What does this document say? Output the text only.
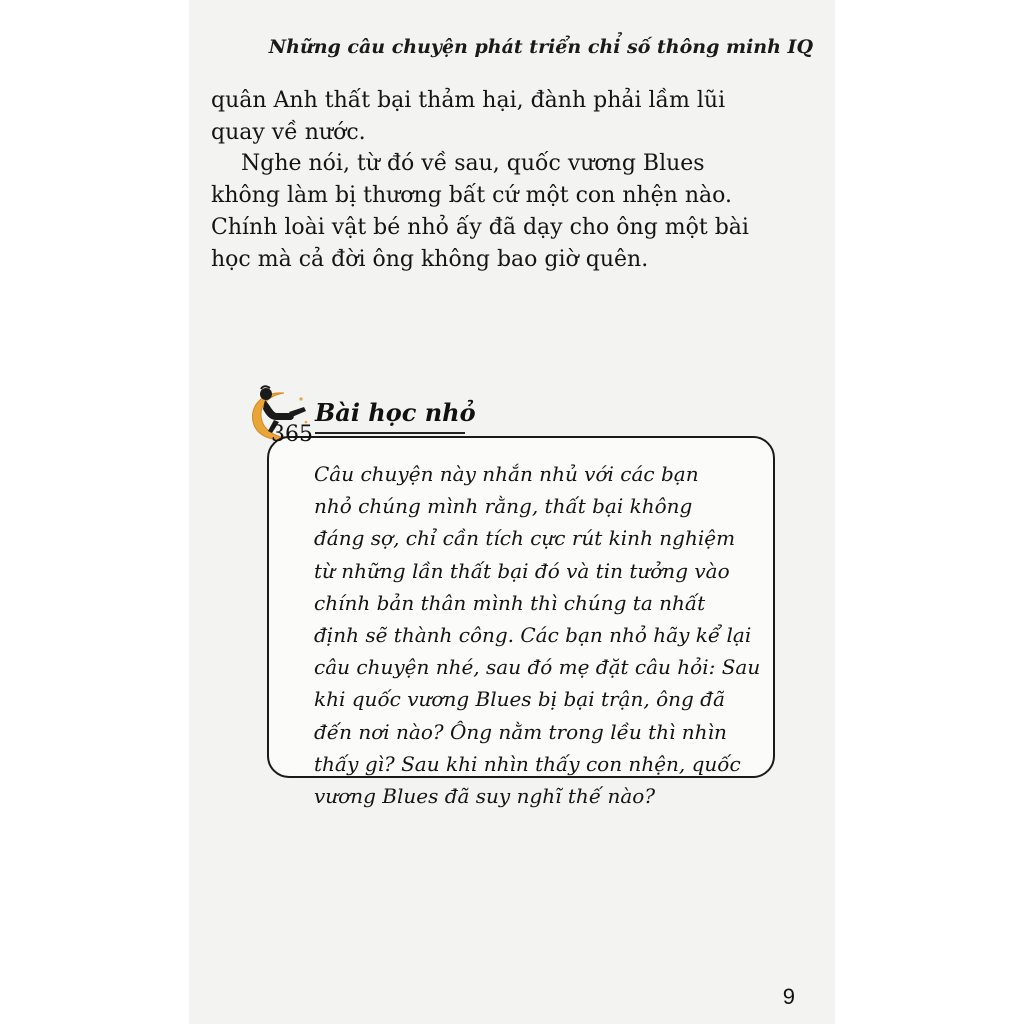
Những câu chuyện phát triển chỉ số thông minh IQ
quân Anh thất bại thảm hại, đành phải lầm lũi
quay về nước.
Nghe nói, từ đó về sau, quốc vương Blues
không làm bị thương bất cứ một con nhện nào.
Chính loài vật bé nhỏ ấy đã dạy cho ông một bài
học mà cả đời ông không bao giờ quên.
Bài học nhỏ
Câu chuyện này nhắn nhủ với các bạn
nhỏ chúng mình rằng, thất bại không
đáng sợ, chỉ cần tích cực rút kinh nghiệm
từ những lần thất bại đó và tin tưởng vào
chính bản thân mình thì chúng ta nhất
định sẽ thành công. Các bạn nhỏ hãy kể lại
câu chuyện nhé, sau đó mẹ đặt câu hỏi: Sau
khi quốc vương Blues bị bại trận, ông đã
đến nơi nào? Ông nằm trong lều thì nhìn
thấy gì? Sau khi nhìn thấy con nhện, quốc
vương Blues đã suy nghĩ thế nào?
365
9
